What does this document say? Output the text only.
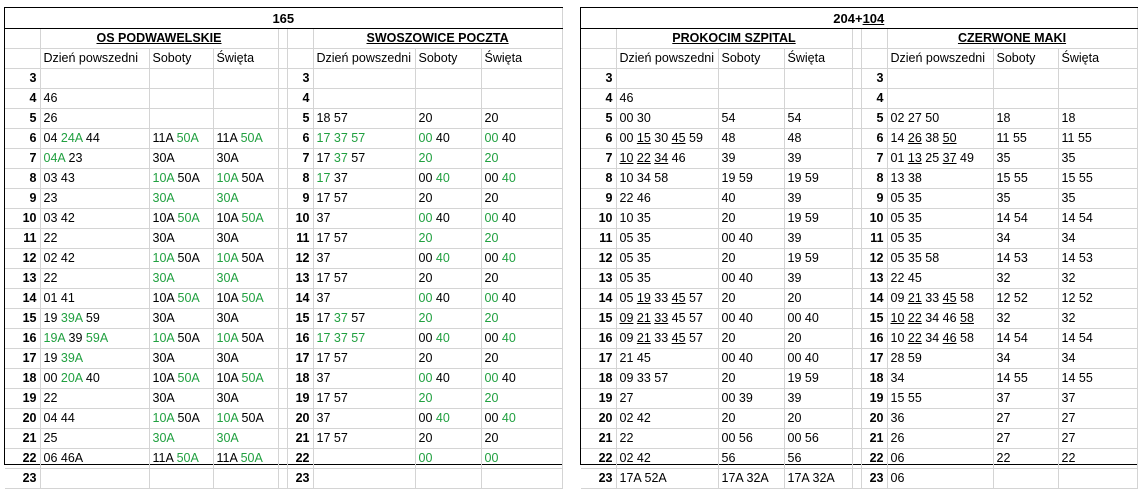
165								
	OS PODWAWELSKIE					SWOSZOWICE POCZTA		
	Dzień powszedni	Soboty	Święta			Dzień powszedni	Soboty	Święta
3					3			
4	46				4			
5	26				5	18 57	20	20
6	04 24A 44	11A 50A	11A 50A		6	17 37 57	00 40	00 40
7	04A 23	30A	30A		7	17 37 57	20	20
8	03 43	10A 50A	10A 50A		8	17 37	00 40	00 40
9	23	30A	30A		9	17 57	20	20
10	03 42	10A 50A	10A 50A		10	37	00 40	00 40
11	22	30A	30A		11	17 57	20	20
12	02 42	10A 50A	10A 50A		12	37	00 40	00 40
13	22	30A	30A		13	17 57	20	20
14	01 41	10A 50A	10A 50A		14	37	00 40	00 40
15	19 39A 59	30A	30A		15	17 37 57	20	20
16	19A 39 59A	10A 50A	10A 50A		16	17 37 57	00 40	00 40
17	19 39A	30A	30A		17	17 57	20	20
18	00 20A 40	10A 50A	10A 50A		18	37	00 40	00 40
19	22	30A	30A		19	17 57	20	20
20	04 44	10A 50A	10A 50A		20	37	00 40	00 40
21	25	30A	30A		21	17 57	20	20
22	06 46A	11A 50A	11A 50A		22		00	00
23					23			
204+104								
	PROKOCIM SZPITAL					CZERWONE MAKI		
	Dzień powszedni	Soboty	Święta			Dzień powszedni	Soboty	Święta
3					3			
4	46				4			
5	00 30	54	54		5	02 27 50	18	18
6	00 15 30 45 59	48	48		6	14 26 38 50	11 55	11 55
7	10 22 34 46	39	39		7	01 13 25 37 49	35	35
8	10 34 58	19 59	19 59		8	13 38	15 55	15 55
9	22 46	40	39		9	05 35	35	35
10	10 35	20	19 59		10	05 35	14 54	14 54
11	05 35	00 40	39		11	05 35	34	34
12	05 35	20	19 59		12	05 35 58	14 53	14 53
13	05 35	00 40	39		13	22 45	32	32
14	05 19 33 45 57	20	20		14	09 21 33 45 58	12 52	12 52
15	09 21 33 45 57	00 40	00 40		15	10 22 34 46 58	32	32
16	09 21 33 45 57	20	20		16	10 22 34 46 58	14 54	14 54
17	21 45	00 40	00 40		17	28 59	34	34
18	09 33 57	20	19 59		18	34	14 55	14 55
19	27	00 39	39		19	15 55	37	37
20	02 42	20	20		20	36	27	27
21	22	00 56	00 56		21	26	27	27
22	02 42	56	56		22	06	22	22
23	17A 52A	17A 32A	17A 32A		23	06		
